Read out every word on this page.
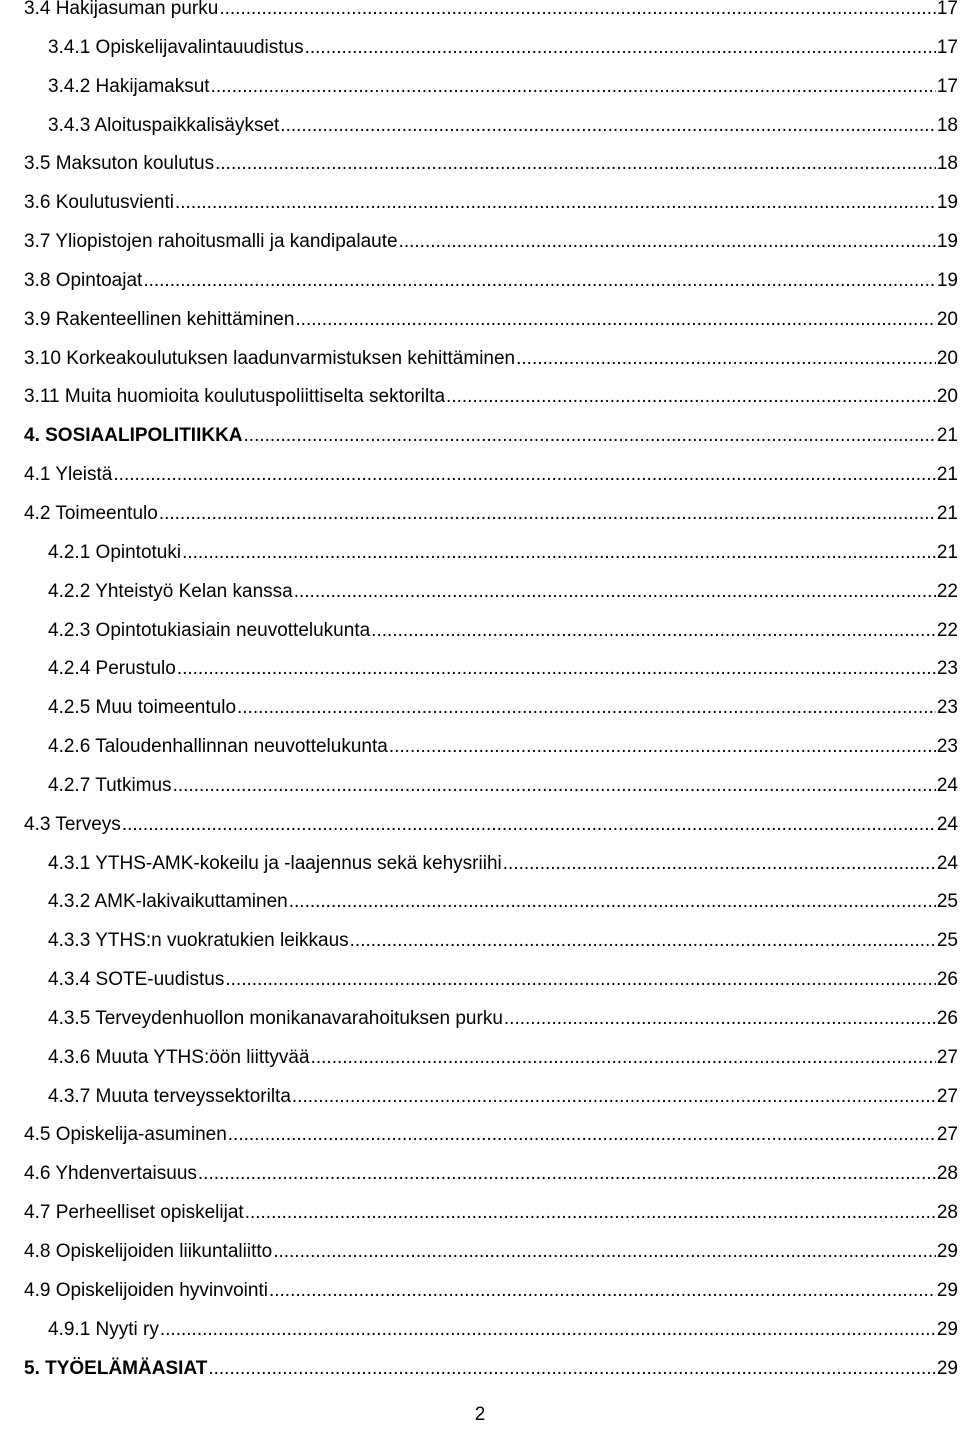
3.4 Hakijasuman purku .....	17
3.4.1 Opiskelijavalintauudistus .....	17
3.4.2 Hakijamaksut .....	17
3.4.3 Aloituspaikkalisäykset .....	18
3.5 Maksuton koulutus .....	18
3.6 Koulutusvienti .....	19
3.7 Yliopistojen rahoitusmalli ja kandipalaute .....	19
3.8 Opintoajat .....	19
3.9 Rakenteellinen kehittäminen .....	20
3.10 Korkeakoulutuksen laadunvarmistuksen kehittäminen .....	20
3.11 Muita huomioita koulutuspoliittiselta sektorilta .....	20
4. SOSIAALIPOLITIIKKA .....	21
4.1 Yleistä .....	21
4.2 Toimeentulo .....	21
4.2.1 Opintotuki .....	21
4.2.2 Yhteistyö Kelan kanssa .....	22
4.2.3 Opintotukiasiain neuvottelukunta .....	22
4.2.4 Perustulo .....	23
4.2.5 Muu toimeentulo .....	23
4.2.6 Taloudenhallinnan neuvottelukunta .....	23
4.2.7 Tutkimus .....	24
4.3 Terveys .....	24
4.3.1 YTHS-AMK-kokeilu ja -laajennus sekä kehysriihi .....	24
4.3.2 AMK-lakivaikuttaminen .....	25
4.3.3 YTHS:n vuokratukien leikkaus .....	25
4.3.4 SOTE-uudistus .....	26
4.3.5 Terveydenhuollon monikanavarahoituksen purku .....	26
4.3.6 Muuta YTHS:öön liittyvää .....	27
4.3.7 Muuta terveyssektorilta .....	27
4.5 Opiskelija-asuminen .....	27
4.6 Yhdenvertaisuus .....	28
4.7 Perheelliset opiskelijat .....	28
4.8 Opiskelijoiden liikuntaliitto .....	29
4.9 Opiskelijoiden hyvinvointi .....	29
4.9.1 Nyyti ry .....	29
5. TYÖELÄMÄASIAT .....	29
2
